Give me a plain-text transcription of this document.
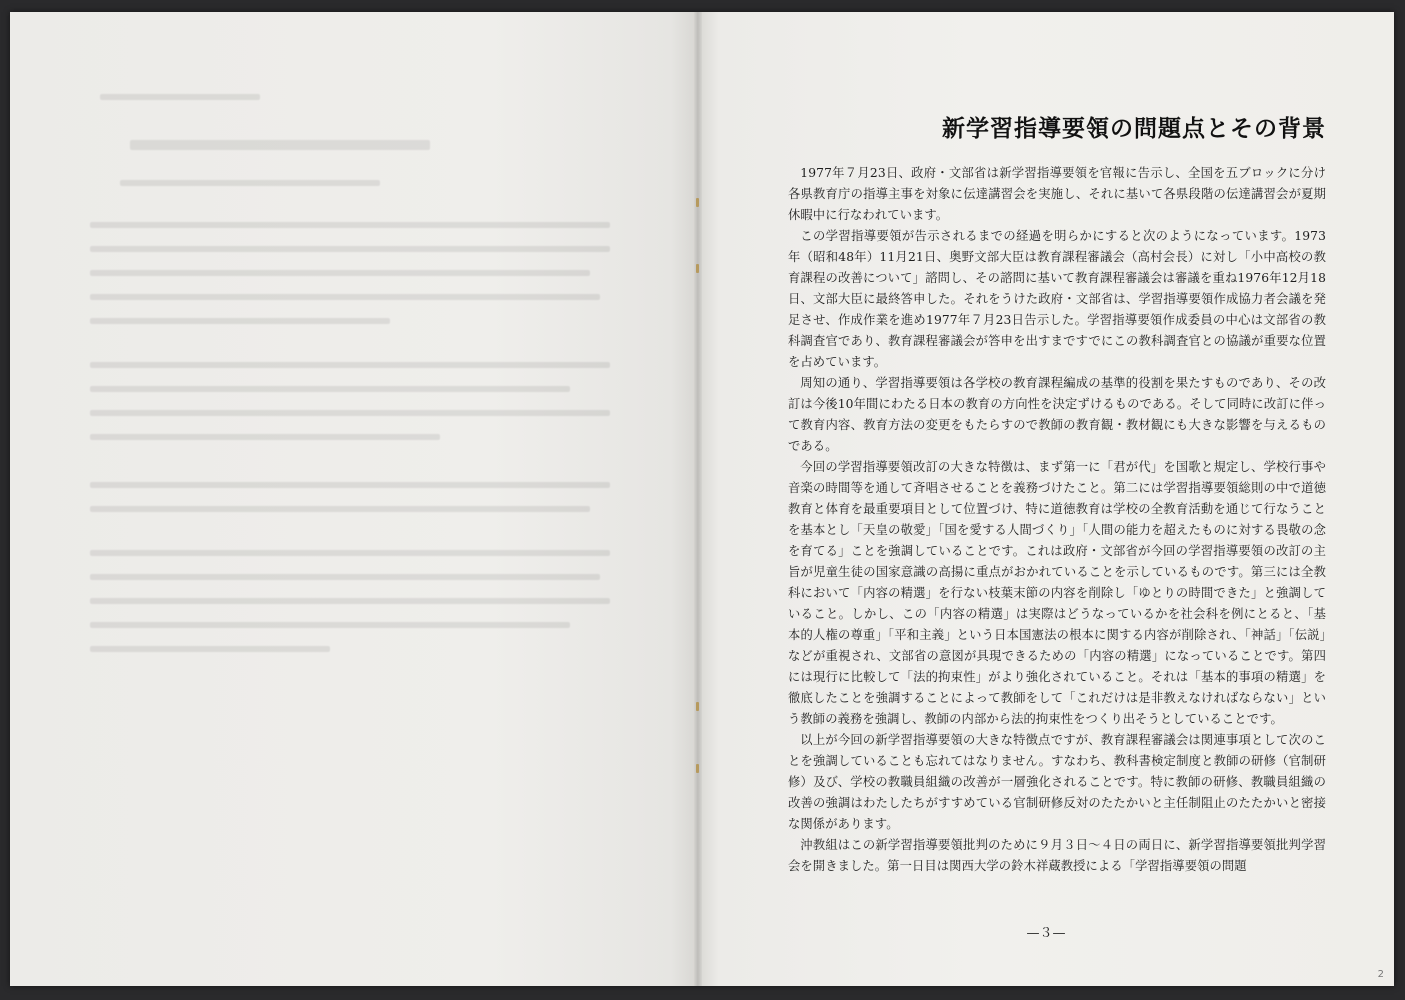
新学習指導要領の問題点とその背景

1977年７月23日、政府・文部省は新学習指導要領を官報に告示し、全国を五ブロックに分け各県教育庁の指導主事を対象に伝達講習会を実施し、それに基いて各県段階の伝達講習会が夏期休暇中に行なわれています。

この学習指導要領が告示されるまでの経過を明らかにすると次のようになっています。1973年（昭和48年）11月21日、奥野文部大臣は教育課程審議会（高村会長）に対し「小中高校の教育課程の改善について」諮問し、その諮問に基いて教育課程審議会は審議を重ね1976年12月18日、文部大臣に最終答申した。それをうけた政府・文部省は、学習指導要領作成協力者会議を発足させ、作成作業を進め1977年７月23日告示した。学習指導要領作成委員の中心は文部省の教科調査官であり、教育課程審議会が答申を出すまですでにこの教科調査官との協議が重要な位置を占めています。

周知の通り、学習指導要領は各学校の教育課程編成の基準的役割を果たすものであり、その改訂は今後10年間にわたる日本の教育の方向性を決定ずけるものである。そして同時に改訂に伴って教育内容、教育方法の変更をもたらすので教師の教育観・教材観にも大きな影響を与えるものである。

今回の学習指導要領改訂の大きな特徴は、まず第一に「君が代」を国歌と規定し、学校行事や音楽の時間等を通して斉唱させることを義務づけたこと。第二には学習指導要領総則の中で道徳教育と体育を最重要項目として位置づけ、特に道徳教育は学校の全教育活動を通じて行なうことを基本とし「天皇の敬愛」「国を愛する人間づくり」「人間の能力を超えたものに対する畏敬の念を育てる」ことを強調していることです。これは政府・文部省が今回の学習指導要領の改訂の主旨が児童生徒の国家意識の高揚に重点がおかれていることを示しているものです。第三には全教科において「内容の精選」を行ない枝葉末節の内容を削除し「ゆとりの時間できた」と強調していること。しかし、この「内容の精選」は実際はどうなっているかを社会科を例にとると、「基本的人権の尊重」「平和主義」という日本国憲法の根本に関する内容が削除され、「神話」「伝説」などが重視され、文部省の意図が具現できるための「内容の精選」になっていることです。第四には現行に比較して「法的拘束性」がより強化されていること。それは「基本的事項の精選」を徹底したことを強調することによって教師をして「これだけは是非教えなければならない」という教師の義務を強調し、教師の内部から法的拘束性をつくり出そうとしていることです。

以上が今回の新学習指導要領の大きな特徴点ですが、教育課程審議会は関連事項として次のことを強調していることも忘れてはなりません。すなわち、教科書検定制度と教師の研修（官制研修）及び、学校の教職員組織の改善が一層強化されることです。特に教師の研修、教職員組織の改善の強調はわたしたちがすすめている官制研修反対のたたかいと主任制阻止のたたかいと密接な関係があります。

沖教組はこの新学習指導要領批判のために９月３日～４日の両日に、新学習指導要領批判学習会を開きました。第一日目は関西大学の鈴木祥蔵教授による「学習指導要領の問題

—３—
2
